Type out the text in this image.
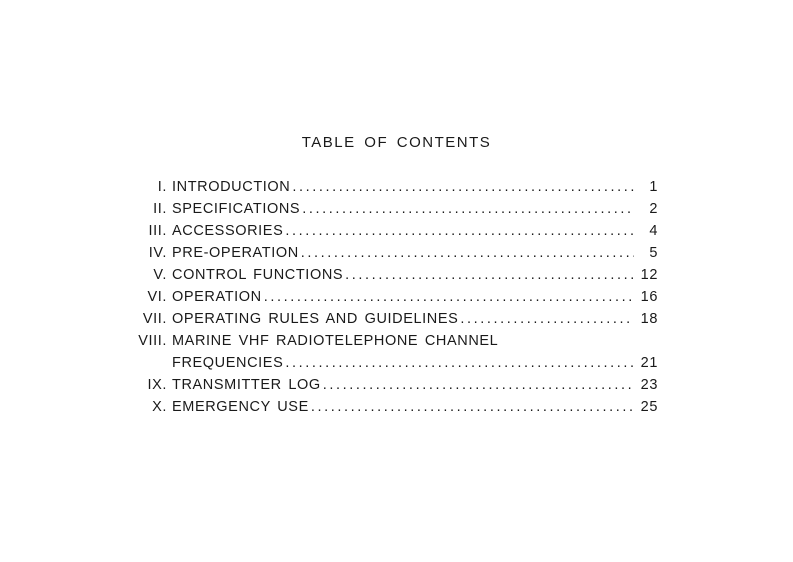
TABLE OF CONTENTS
I. INTRODUCTION .....	1
II. SPECIFICATIONS .....	2
III. ACCESSORIES .....	4
IV. PRE-OPERATION .....	5
V. CONTROL FUNCTIONS .....	12
VI. OPERATION .....	16
VII. OPERATING RULES AND GUIDELINES .....	18
VIII. MARINE VHF RADIOTELEPHONE CHANNEL
FREQUENCIES .....	21
IX. TRANSMITTER LOG .....	23
X. EMERGENCY USE .....	25
